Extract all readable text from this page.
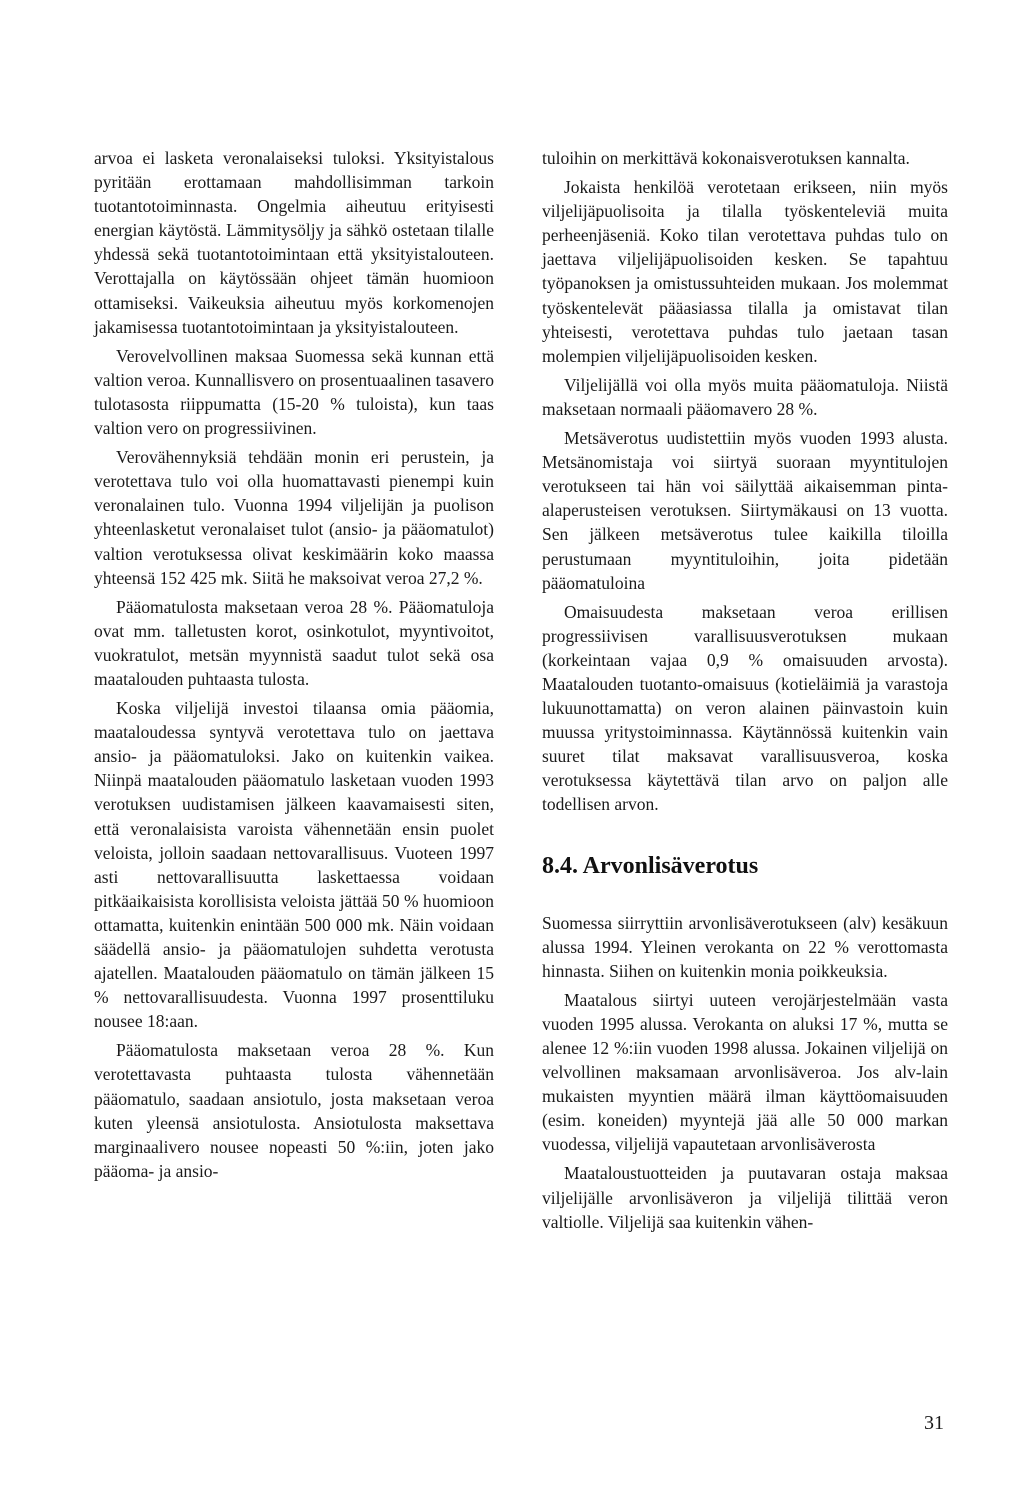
arvoa ei lasketa veronalaiseksi tuloksi. Yksityistalous pyritään erottamaan mahdollisimman tarkoin tuotantotoiminnasta. Ongelmia aiheutuu erityisesti energian käytöstä. Lämmitysöljy ja sähkö ostetaan tilalle yhdessä sekä tuotantotoimintaan että yksityistalouteen. Verottajalla on käytössään ohjeet tämän huomioon ottamiseksi. Vaikeuksia aiheutuu myös korkomenojen jakamisessa tuotantotoimintaan ja yksityistalouteen.

Verovelvollinen maksaa Suomessa sekä kunnan että valtion veroa. Kunnallisvero on prosentuaalinen tasavero tulotasosta riippumatta (15-20 % tuloista), kun taas valtion vero on progressiivinen.

Verovähennyksiä tehdään monin eri perustein, ja verotettava tulo voi olla huomattavasti pienempi kuin veronalainen tulo. Vuonna 1994 viljelijän ja puolison yhteenlasketut veronalaiset tulot (ansio- ja pääomatulot) valtion verotuksessa olivat keskimäärin koko maassa yhteensä 152 425 mk. Siitä he maksoivat veroa 27,2 %.

Pääomatulosta maksetaan veroa 28 %. Pääomatuloja ovat mm. talletusten korot, osinkotulot, myyntivoitot, vuokratulot, metsän myynnistä saadut tulot sekä osa maatalouden puhtaasta tulosta.

Koska viljelijä investoi tilaansa omia pääomia, maataloudessa syntyvä verotettava tulo on jaettava ansio- ja pääomatuloksi. Jako on kuitenkin vaikea. Niinpä maatalouden pääomatulo lasketaan vuoden 1993 verotuksen uudistamisen jälkeen kaavamaisesti siten, että veronalaisista varoista vähennetään ensin puolet veloista, jolloin saadaan nettovarallisuus. Vuoteen 1997 asti nettovarallisuutta laskettaessa voidaan pitkäaikaisista korollisista veloista jättää 50 % huomioon ottamatta, kuitenkin enintään 500 000 mk. Näin voidaan säädellä ansio- ja pääomatulojen suhdetta verotusta ajatellen. Maatalouden pääomatulo on tämän jälkeen 15 % nettovarallisuudesta. Vuonna 1997 prosenttiluku nousee 18:aan.

Pääomatulosta maksetaan veroa 28 %. Kun verotettavasta puhtaasta tulosta vähennetään pääomatulo, saadaan ansiotulo, josta maksetaan veroa kuten yleensä ansiotulosta. Ansiotulosta maksettava marginaalivero nousee nopeasti 50 %:iin, joten jako pääoma- ja ansio-

tuloihin on merkittävä kokonaisverotuksen kannalta.

Jokaista henkilöä verotetaan erikseen, niin myös viljelijäpuolisoita ja tilalla työskenteleviä muita perheenjäseniä. Koko tilan verotettava puhdas tulo on jaettava viljelijäpuolisoiden kesken. Se tapahtuu työpanoksen ja omistussuhteiden mukaan. Jos molemmat työskentelevät pääasiassa tilalla ja omistavat tilan yhteisesti, verotettava puhdas tulo jaetaan tasan molempien viljelijäpuolisoiden kesken.

Viljelijällä voi olla myös muita pääomatuloja. Niistä maksetaan normaali pääomavero 28 %.

Metsäverotus uudistettiin myös vuoden 1993 alusta. Metsänomistaja voi siirtyä suoraan myyntitulojen verotukseen tai hän voi säilyttää aikaisemman pinta-alaperusteisen verotuksen. Siirtymäkausi on 13 vuotta. Sen jälkeen metsäverotus tulee kaikilla tiloilla perustumaan myyntituloihin, joita pidetään pääomatuloina

Omaisuudesta maksetaan veroa erillisen progressiivisen varallisuusverotuksen mukaan (korkeintaan vajaa 0,9 % omaisuuden arvosta). Maatalouden tuotanto-omaisuus (kotieläimiä ja varastoja lukuunottamatta) on veron alainen päinvastoin kuin muussa yritystoiminnassa. Käytännössä kuitenkin vain suuret tilat maksavat varallisuusveroa, koska verotuksessa käytettävä tilan arvo on paljon alle todellisen arvon.

8.4. Arvonlisäverotus

Suomessa siirryttiin arvonlisäverotukseen (alv) kesäkuun alussa 1994. Yleinen verokanta on 22 % verottomasta hinnasta. Siihen on kuitenkin monia poikkeuksia.

Maatalous siirtyi uuteen verojärjestelmään vasta vuoden 1995 alussa. Verokanta on aluksi 17 %, mutta se alenee 12 %:iin vuoden 1998 alussa. Jokainen viljelijä on velvollinen maksamaan arvonlisäveroa. Jos alv-lain mukaisten myyntien määrä ilman käyttöomaisuuden (esim. koneiden) myyntejä jää alle 50 000 markan vuodessa, viljelijä vapautetaan arvonlisäverosta

Maataloustuotteiden ja puutavaran ostaja maksaa viljelijälle arvonlisäveron ja viljelijä tilittää veron valtiolle. Viljelijä saa kuitenkin vähen-

31
